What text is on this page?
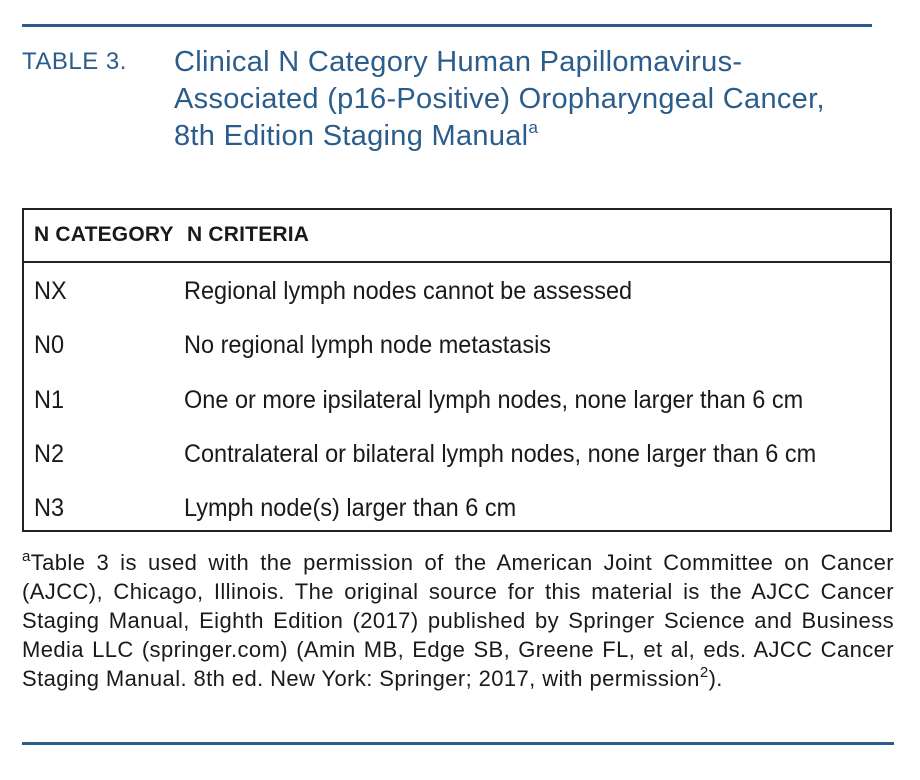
TABLE 3. Clinical N Category Human Papillomavirus-Associated (p16-Positive) Oropharyngeal Cancer, 8th Edition Staging Manual$^a$
N CATEGORY N CRITERIA
NX	Regional lymph nodes cannot be assessed
N0	No regional lymph node metastasis
N1	One or more ipsilateral lymph nodes, none larger than 6 cm
N2	Contralateral or bilateral lymph nodes, none larger than 6 cm
N3	Lymph node(s) larger than 6 cm
$^a$Table 3 is used with the permission of the American Joint Committee on Cancer (AJCC), Chicago, Illinois. The original source for this material is the AJCC Cancer Staging Manual, Eighth Edition (2017) published by Springer Science and Business Media LLC (springer.com) (Amin MB, Edge SB, Greene FL, et al, eds. AJCC Cancer Staging Manual. 8th ed. New York: Springer; 2017, with permission$^2$).
